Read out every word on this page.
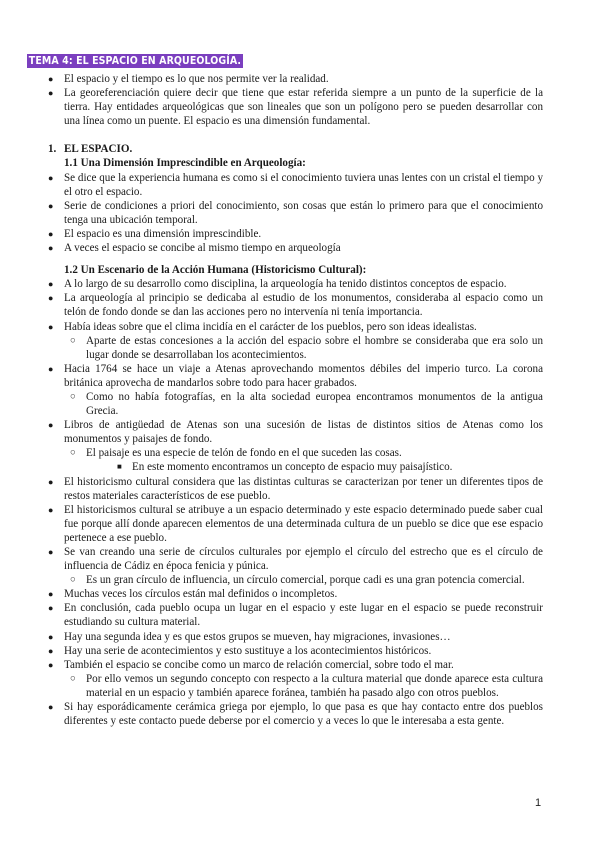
TEMA 4: EL ESPACIO EN ARQUEOLOGÍA.
● El espacio y el tiempo es lo que nos permite ver la realidad.
● La georeferenciación quiere decir que tiene que estar referida siempre a un punto de la superficie de la tierra. Hay entidades arqueológicas que son lineales que son un polígono pero se pueden desarrollar con una línea como un puente. El espacio es una dimensión fundamental.

1. EL ESPACIO.

1.1 Una Dimensión Imprescindible en Arqueología:

● Se dice que la experiencia humana es como si el conocimiento tuviera unas lentes con un cristal el tiempo y el otro el espacio.
● Serie de condiciones a priori del conocimiento, son cosas que están lo primero para que el conocimiento tenga una ubicación temporal.
● El espacio es una dimensión imprescindible.
● A veces el espacio se concibe al mismo tiempo en arqueología

1.2 Un Escenario de la Acción Humana (Historicismo Cultural):

● A lo largo de su desarrollo como disciplina, la arqueología ha tenido distintos conceptos de espacio.
● La arqueología al principio se dedicaba al estudio de los monumentos, consideraba al espacio como un telón de fondo donde se dan las acciones pero no intervenía ni tenía importancia.
● Había ideas sobre que el clima incidía en el carácter de los pueblos, pero son ideas idealistas.
○ Aparte de estas concesiones a la acción del espacio sobre el hombre se consideraba que era solo un lugar donde se desarrollaban los acontecimientos.
● Hacia 1764 se hace un viaje a Atenas aprovechando momentos débiles del imperio turco. La corona británica aprovecha de mandarlos sobre todo para hacer grabados.
○ Como no había fotografías, en la alta sociedad europea encontramos monumentos de la antigua Grecia.
● Libros de antigüedad de Atenas son una sucesión de listas de distintos sitios de Atenas como los monumentos y paisajes de fondo.
○ El paisaje es una especie de telón de fondo en el que suceden las cosas.
■ En este momento encontramos un concepto de espacio muy paisajístico.
● El historicismo cultural considera que las distintas culturas se caracterizan por tener un diferentes tipos de restos materiales característicos de ese pueblo.
● El historicismos cultural se atribuye a un espacio determinado y este espacio determinado puede saber cual fue porque allí donde aparecen elementos de una determinada cultura de un pueblo se dice que ese espacio pertenece a ese pueblo.
● Se van creando una serie de círculos culturales por ejemplo el círculo del estrecho que es el círculo de influencia de Cádiz en época fenicia y púnica.
○ Es un gran círculo de influencia, un círculo comercial, porque cadi es una gran potencia comercial.
● Muchas veces los círculos están mal definidos o incompletos.
● En conclusión, cada pueblo ocupa un lugar en el espacio y este lugar en el espacio se puede reconstruir estudiando su cultura material.
● Hay una segunda idea y es que estos grupos se mueven, hay migraciones, invasiones…
● Hay una serie de acontecimientos y esto sustituye a los acontecimientos históricos.
● También el espacio se concibe como un marco de relación comercial, sobre todo el mar.
○ Por ello vemos un segundo concepto con respecto a la cultura material que donde aparece esta cultura material en un espacio y también aparece foránea, también ha pasado algo con otros pueblos.
● Si hay esporádicamente cerámica griega por ejemplo, lo que pasa es que hay contacto entre dos pueblos diferentes y este contacto puede deberse por el comercio y a veces lo que le interesaba a esta gente.
1
